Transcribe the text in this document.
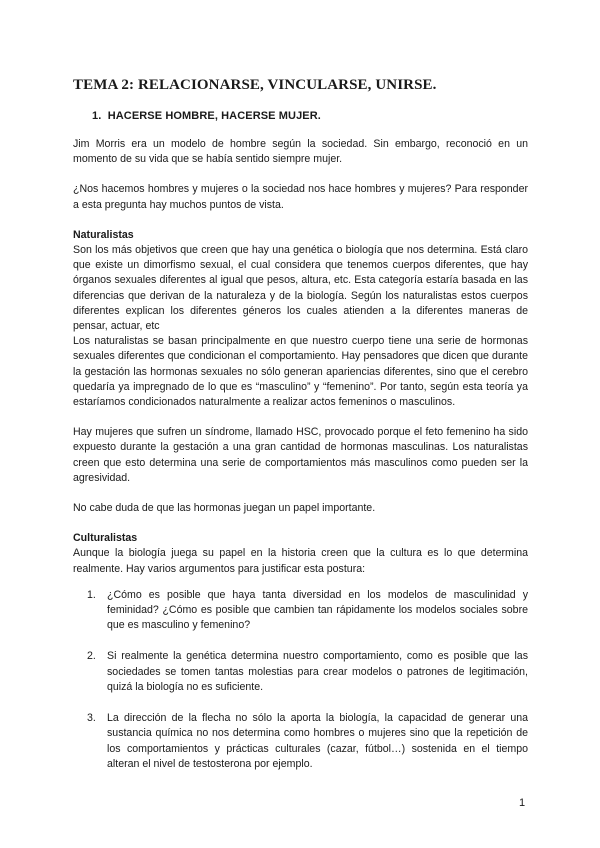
TEMA 2: RELACIONARSE, VINCULARSE, UNIRSE.
1. HACERSE HOMBRE, HACERSE MUJER.

Jim Morris era un modelo de hombre según la sociedad. Sin embargo, reconoció en un momento de su vida que se había sentido siempre mujer.

¿Nos hacemos hombres y mujeres o la sociedad nos hace hombres y mujeres? Para responder a esta pregunta hay muchos puntos de vista.

Naturalistas

Son los más objetivos que creen que hay una genética o biología que nos determina. Está claro que existe un dimorfismo sexual, el cual considera que tenemos cuerpos diferentes, que hay órganos sexuales diferentes al igual que pesos, altura, etc. Esta categoría estaría basada en las diferencias que derivan de la naturaleza y de la biología. Según los naturalistas estos cuerpos diferentes explican los diferentes géneros los cuales atienden a la diferentes maneras de pensar, actuar, etc

Los naturalistas se basan principalmente en que nuestro cuerpo tiene una serie de hormonas sexuales diferentes que condicionan el comportamiento. Hay pensadores que dicen que durante la gestación las hormonas sexuales no sólo generan apariencias diferentes, sino que el cerebro quedaría ya impregnado de lo que es “masculino” y “femenino”. Por tanto, según esta teoría ya estaríamos condicionados naturalmente a realizar actos femeninos o masculinos.

Hay mujeres que sufren un síndrome, llamado HSC, provocado porque el feto femenino ha sido expuesto durante la gestación a una gran cantidad de hormonas masculinas. Los naturalistas creen que esto determina una serie de comportamientos más masculinos como pueden ser la agresividad.

No cabe duda de que las hormonas juegan un papel importante.

Culturalistas

Aunque la biología juega su papel en la historia creen que la cultura es lo que determina realmente. Hay varios argumentos para justificar esta postura:

1.	¿Cómo es posible que haya tanta diversidad en los modelos de masculinidad y feminidad? ¿Cómo es posible que cambien tan rápidamente los modelos sociales sobre que es masculino y femenino?
2.	Si realmente la genética determina nuestro comportamiento, como es posible que las sociedades se tomen tantas molestias para crear modelos o patrones de legitimación, quizá la biología no es suficiente.
3.	La dirección de la flecha no sólo la aporta la biología, la capacidad de generar una sustancia química no nos determina como hombres o mujeres sino que la repetición de los comportamientos y prácticas culturales (cazar, fútbol…) sostenida en el tiempo alteran el nivel de testosterona por ejemplo.
1
